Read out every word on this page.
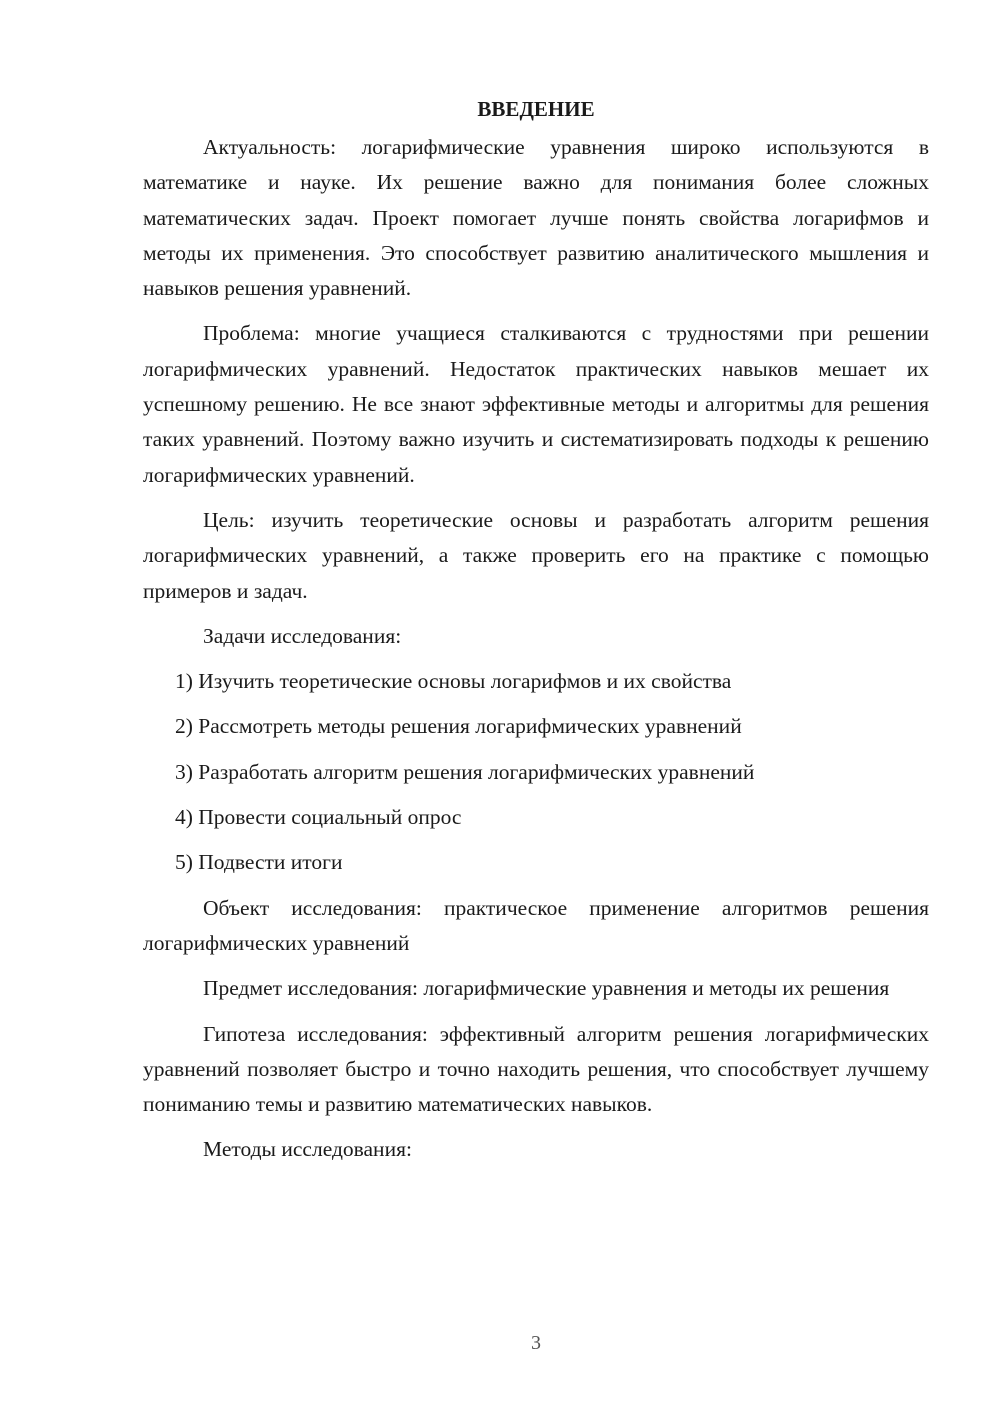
ВВЕДЕНИЕ

Актуальность: логарифмические уравнения широко используются в математике и науке. Их решение важно для понимания более сложных математических задач. Проект помогает лучше понять свойства логарифмов и методы их применения. Это способствует развитию аналитического мышления и навыков решения уравнений.

Проблема: многие учащиеся сталкиваются с трудностями при решении логарифмических уравнений. Недостаток практических навыков мешает их успешному решению. Не все знают эффективные методы и алгоритмы для решения таких уравнений. Поэтому важно изучить и систематизировать подходы к решению логарифмических уравнений.

Цель: изучить теоретические основы и разработать алгоритм решения логарифмических уравнений, а также проверить его на практике с помощью примеров и задач.

Задачи исследования:

1) Изучить теоретические основы логарифмов и их свойства
2) Рассмотреть методы решения логарифмических уравнений
3) Разработать алгоритм решения логарифмических уравнений
4) Провести социальный опрос
5) Подвести итоги

Объект исследования: практическое применение алгоритмов решения логарифмических уравнений

Предмет исследования: логарифмические уравнения и методы их решения

Гипотеза исследования: эффективный алгоритм решения логарифмических уравнений позволяет быстро и точно находить решения, что способствует лучшему пониманию темы и развитию математических навыков.

Методы исследования:

3
